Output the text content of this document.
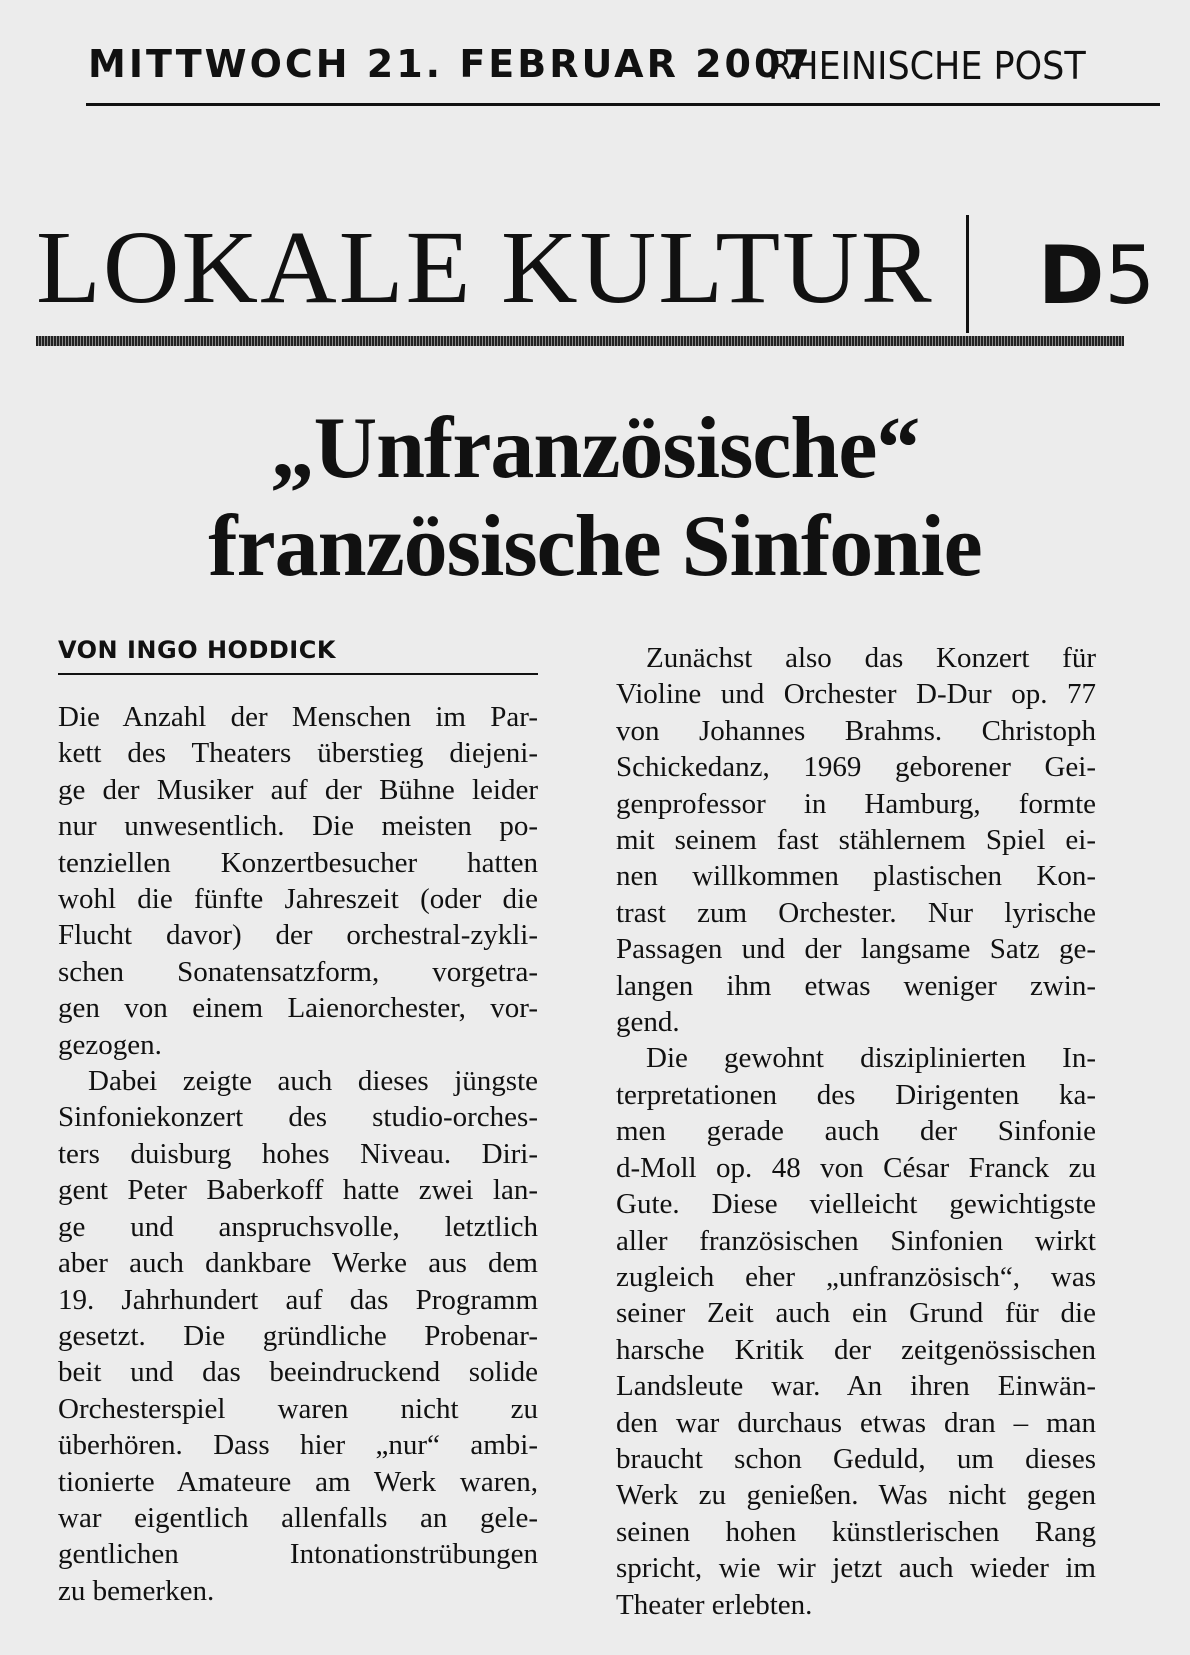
MITTWOCH 21. FEBRUAR 2007
RHEINISCHE POST
LOKALE KULTUR D5
„Unfranzösische“
französische Sinfonie
VON INGO HODDICK

Die Anzahl der Menschen im Par-
kett des Theaters überstieg diejeni-
ge der Musiker auf der Bühne leider
nur unwesentlich. Die meisten po-
tenziellen Konzertbesucher hatten
wohl die fünfte Jahreszeit (oder die
Flucht davor) der orchestral-zykli-
schen Sonatensatzform, vorgetra-
gen von einem Laienorchester, vor-
gezogen.

Dabei zeigte auch dieses jüngste
Sinfoniekonzert des studio-orches-
ters duisburg hohes Niveau. Diri-
gent Peter Baberkoff hatte zwei lan-
ge und anspruchsvolle, letztlich
aber auch dankbare Werke aus dem
19. Jahrhundert auf das Programm
gesetzt. Die gründliche Probenar-
beit und das beeindruckend solide
Orchesterspiel waren nicht zu
überhören. Dass hier „nur“ ambi-
tionierte Amateure am Werk waren,
war eigentlich allenfalls an gele-
gentlichen Intonationstrübungen
zu bemerken.

Zunächst also das Konzert für
Violine und Orchester D-Dur op. 77
von Johannes Brahms. Christoph
Schickedanz, 1969 geborener Gei-
genprofessor in Hamburg, formte
mit seinem fast stählernem Spiel ei-
nen willkommen plastischen Kon-
trast zum Orchester. Nur lyrische
Passagen und der langsame Satz ge-
langen ihm etwas weniger zwin-
gend.

Die gewohnt disziplinierten In-
terpretationen des Dirigenten ka-
men gerade auch der Sinfonie
d-Moll op. 48 von César Franck zu
Gute. Diese vielleicht gewichtigste
aller französischen Sinfonien wirkt
zugleich eher „unfranzösisch“, was
seiner Zeit auch ein Grund für die
harsche Kritik der zeitgenössischen
Landsleute war. An ihren Einwän-
den war durchaus etwas dran – man
braucht schon Geduld, um dieses
Werk zu genießen. Was nicht gegen
seinen hohen künstlerischen Rang
spricht, wie wir jetzt auch wieder im
Theater erlebten.
